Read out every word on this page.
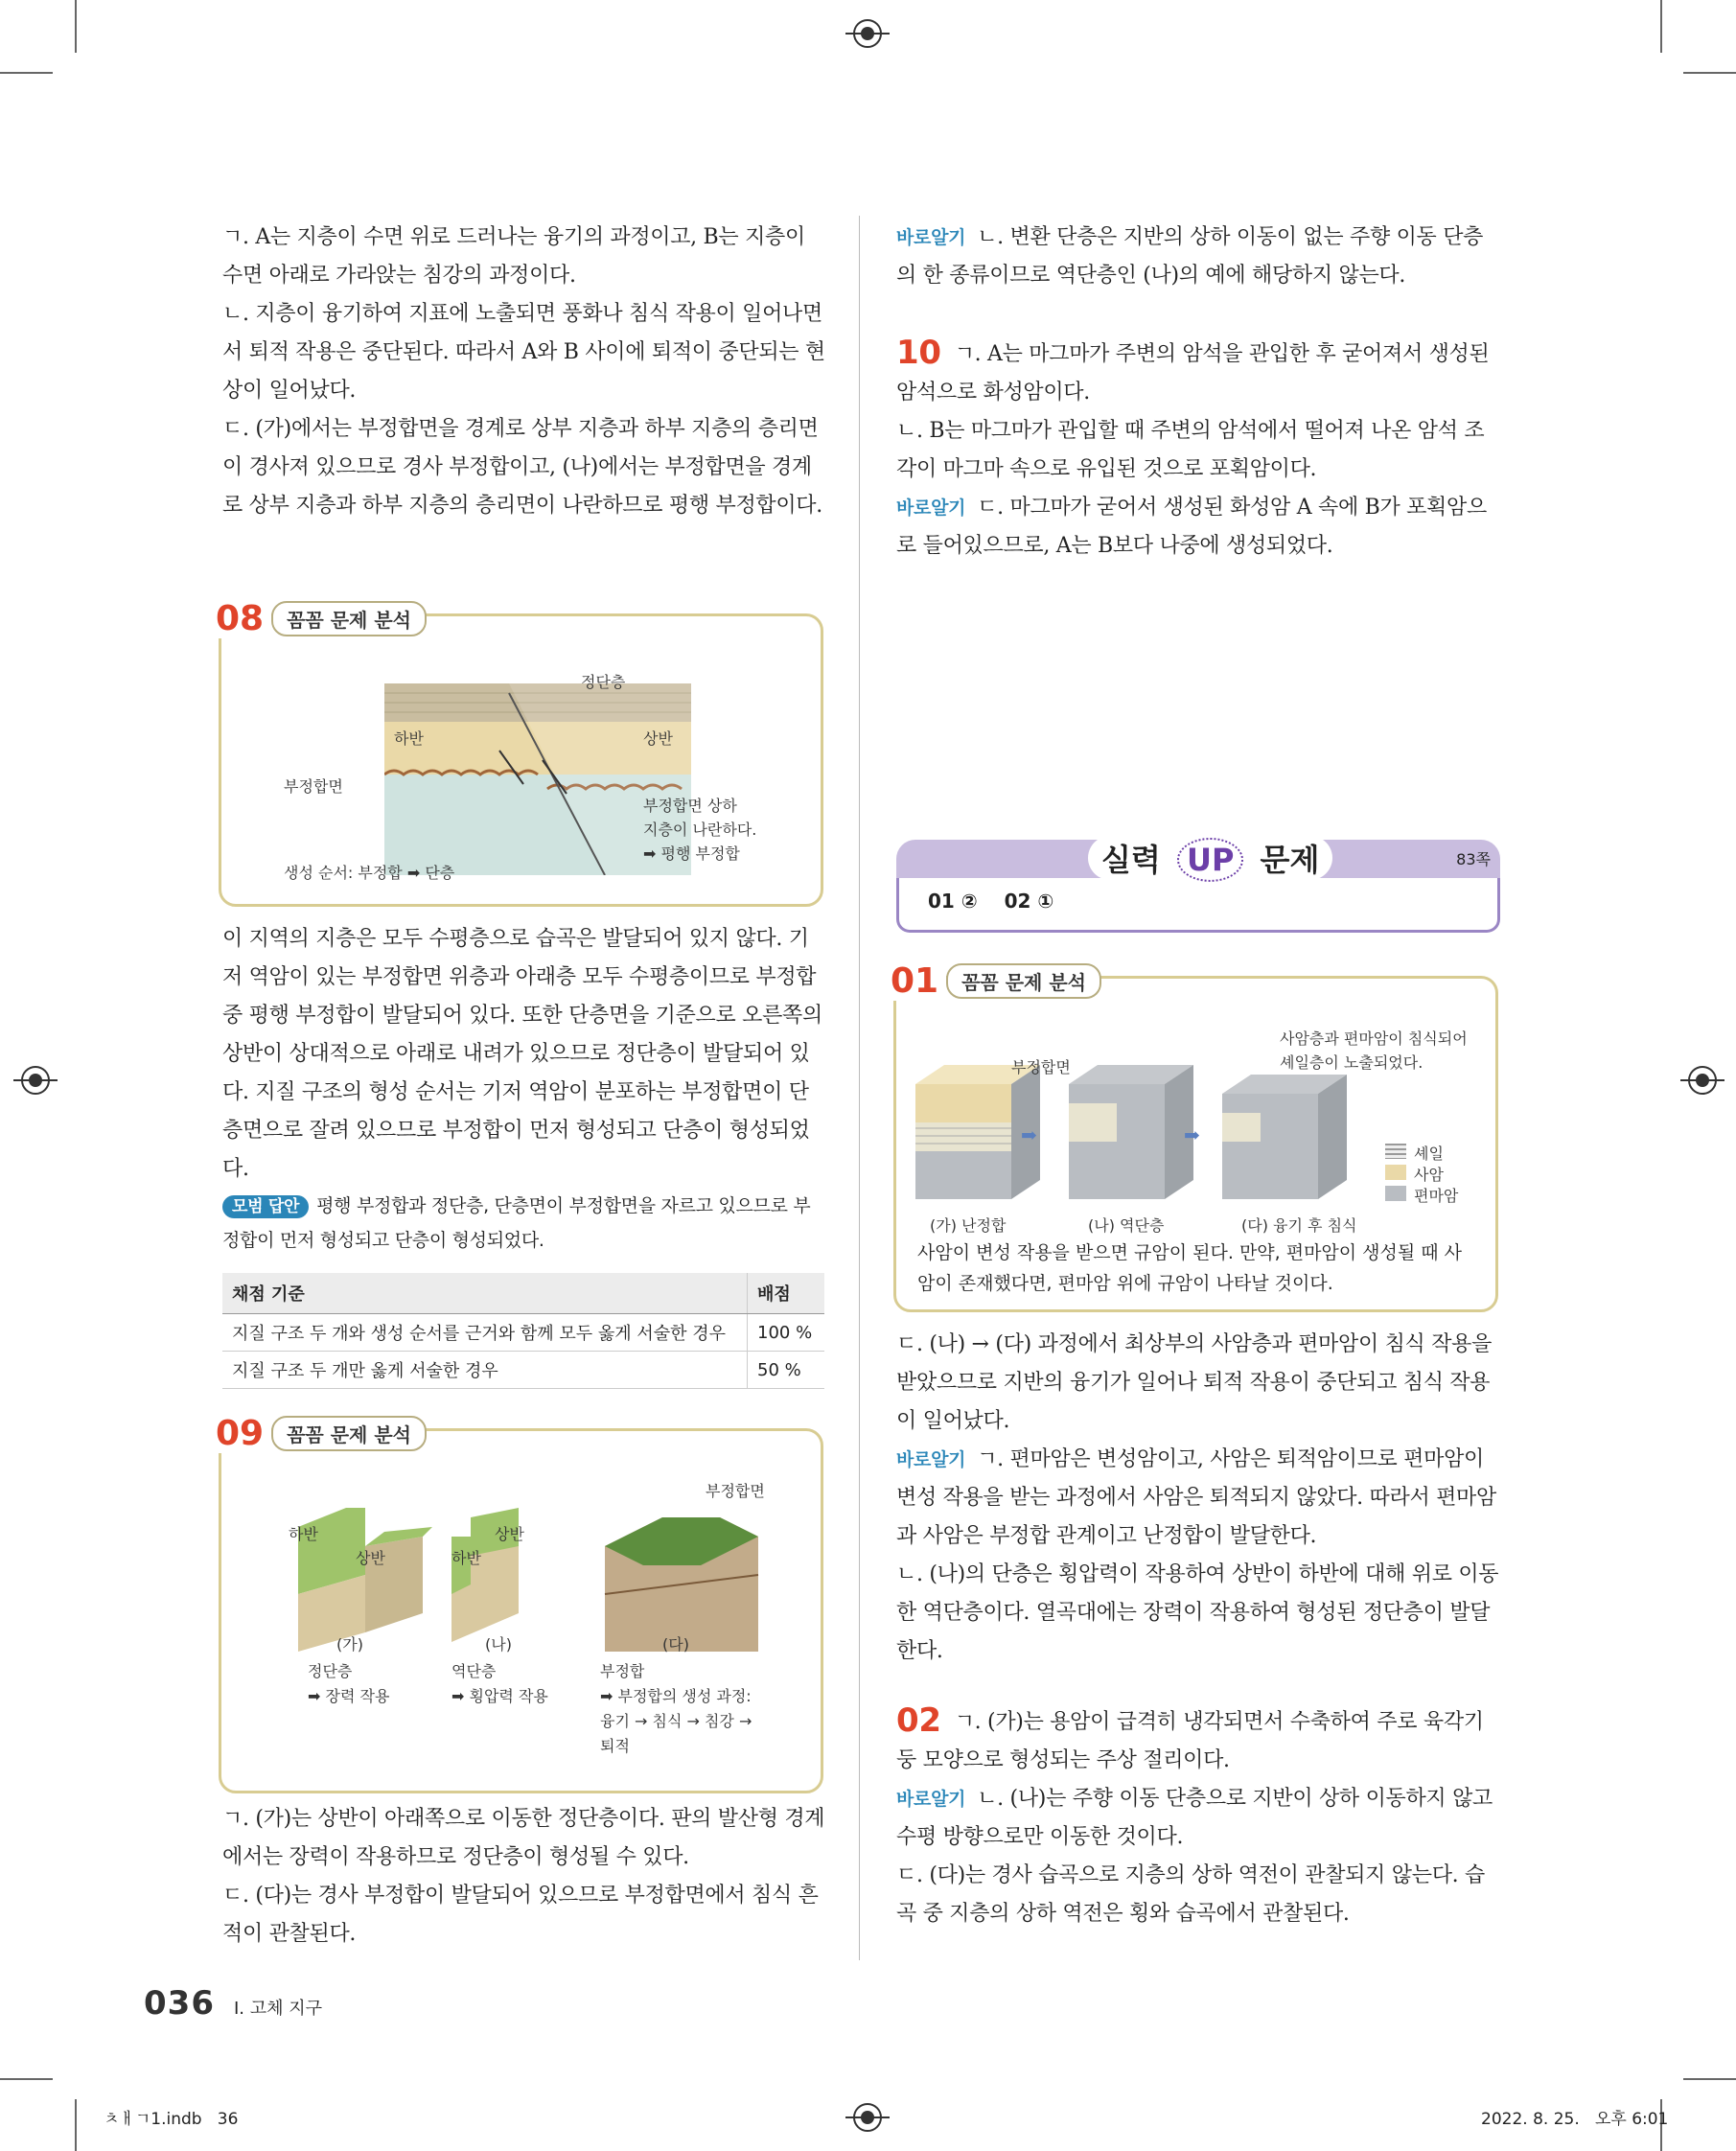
ㄱ. A는 지층이 수면 위로 드러나는 융기의 과정이고, B는 지층이 수면 아래로 가라앉는 침강의 과정이다.

ㄴ. 지층이 융기하여 지표에 노출되면 풍화나 침식 작용이 일어나면서 퇴적 작용은 중단된다. 따라서 A와 B 사이에 퇴적이 중단되는 현상이 일어났다.

ㄷ. (가)에서는 부정합면을 경계로 상부 지층과 하부 지층의 층리면이 경사져 있으므로 경사 부정합이고, (나)에서는 부정합면을 경계로 상부 지층과 하부 지층의 층리면이 나란하므로 평행 부정합이다.

08	꼼꼼 문제 분석
정단층
하반	상반
부정합면
부정합면 상하
지층이 나란하다.
➡ 평행 부정합
생성 순서: 부정합 ➡ 단층

이 지역의 지층은 모두 수평층으로 습곡은 발달되어 있지 않다. 기저 역암이 있는 부정합면 위층과 아래층 모두 수평층이므로 부정합 중 평행 부정합이 발달되어 있다. 또한 단층면을 기준으로 오른쪽의 상반이 상대적으로 아래로 내려가 있으므로 정단층이 발달되어 있다. 지질 구조의 형성 순서는 기저 역암이 분포하는 부정합면이 단층면으로 잘려 있으므로 부정합이 먼저 형성되고 단층이 형성되었다.

모범 답안 평행 부정합과 정단층, 단층면이 부정합면을 자르고 있으므로 부정합이 먼저 형성되고 단층이 형성되었다.

채점 기준	배점
지질 구조 두 개와 생성 순서를 근거와 함께 모두 옳게 서술한 경우	100 %
지질 구조 두 개만 옳게 서술한 경우	50 %
09	꼼꼼 문제 분석
부정합면
하반
상반	하반
상반
(가)	(나)	(다)
정단층
➡ 장력 작용
역단층
➡ 횡압력 작용
부정합
➡ 부정합의 생성 과정:
융기 → 침식 → 침강 →
퇴적

ㄱ. (가)는 상반이 아래쪽으로 이동한 정단층이다. 판의 발산형 경계에서는 장력이 작용하므로 정단층이 형성될 수 있다.

ㄷ. (다)는 경사 부정합이 발달되어 있으므로 부정합면에서 침식 흔적이 관찰된다.

바로알기 ㄴ. 변환 단층은 지반의 상하 이동이 없는 주향 이동 단층의 한 종류이므로 역단층인 (나)의 예에 해당하지 않는다.

10 ㄱ. A는 마그마가 주변의 암석을 관입한 후 굳어져서 생성된 암석으로 화성암이다.

ㄴ. B는 마그마가 관입할 때 주변의 암석에서 떨어져 나온 암석 조각이 마그마 속으로 유입된 것으로 포획암이다.

바로알기 ㄷ. 마그마가 굳어서 생성된 화성암 A 속에 B가 포획암으로 들어있으므로, A는 B보다 나중에 생성되었다.

실력 UP 문제	83쪽
01 ②    02 ①
01	꼼꼼 문제 분석
➡	➡
부정합면
사암층과 편마암이 침식되어
셰일층이 노출되었다.
(가) 난정합	(나) 역단층	(다) 융기 후 침식
셰일
사암
편마암

사암이 변성 작용을 받으면 규암이 된다. 만약, 편마암이 생성될 때 사암이 존재했다면, 편마암 위에 규암이 나타날 것이다.

ㄷ. (나) → (다) 과정에서 최상부의 사암층과 편마암이 침식 작용을 받았으므로 지반의 융기가 일어나 퇴적 작용이 중단되고 침식 작용이 일어났다.

바로알기 ㄱ. 편마암은 변성암이고, 사암은 퇴적암이므로 편마암이 변성 작용을 받는 과정에서 사암은 퇴적되지 않았다. 따라서 편마암과 사암은 부정합 관계이고 난정합이 발달한다.

ㄴ. (나)의 단층은 횡압력이 작용하여 상반이 하반에 대해 위로 이동한 역단층이다. 열곡대에는 장력이 작용하여 형성된 정단층이 발달한다.

02 ㄱ. (가)는 용암이 급격히 냉각되면서 수축하여 주로 육각기둥 모양으로 형성되는 주상 절리이다.

바로알기 ㄴ. (나)는 주향 이동 단층으로 지반이 상하 이동하지 않고 수평 방향으로만 이동한 것이다.

ㄷ. (다)는 경사 습곡으로 지층의 상하 역전이 관찰되지 않는다. 습곡 중 지층의 상하 역전은 횡와 습곡에서 관찰된다.

036 I. 고체 지구
ㅊㅐㄱ1.indb   36	2022. 8. 25.   오후 6:01
